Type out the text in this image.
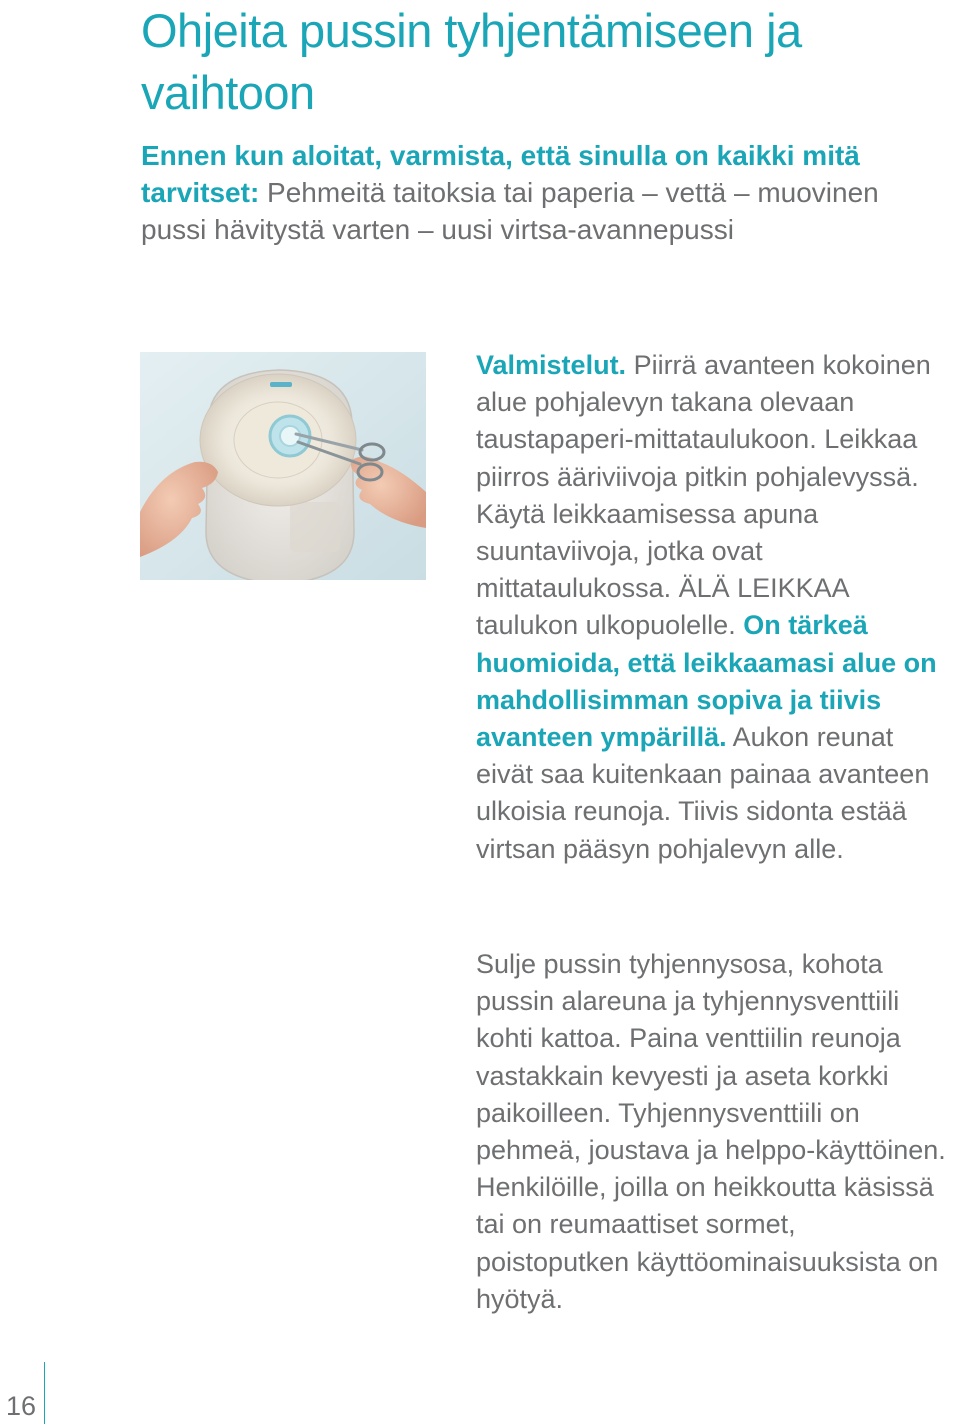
Ohjeita pussin tyhjentämiseen ja vaihtoon

Ennen kun aloitat, varmista, että sinulla on kaikki mitä tarvitset: Pehmeitä taitoksia tai paperia – vettä – muovinen pussi hävitystä varten – uusi virtsa-avannepussi

Valmistelut. Piirrä avanteen kokoinen alue pohjalevyn takana olevaan taustapaperi-mittataulukoon. Leikkaa piirros ääriviivoja pitkin pohjalevyssä. Käytä leikkaamisessa apuna suuntaviivoja, jotka ovat mittataulukossa. ÄLÄ LEIKKAA taulukon ulkopuolelle. On tärkeä huomioida, että leikkaamasi alue on mahdollisimman sopiva ja tiivis avanteen ympärillä. Aukon reunat eivät saa kuitenkaan painaa avanteen ulkoisia reunoja. Tiivis sidonta estää virtsan pääsyn pohjalevyn alle.

Sulje pussin tyhjennysosa, kohota pussin alareuna ja tyhjennysventtiili kohti kattoa. Paina venttiilin reunoja vastakkain kevyesti ja aseta korkki paikoilleen. Tyhjennysventtiili on pehmeä, joustava ja helppo-käyttöinen. Henkilöille, joilla on heikkoutta käsissä tai on reumaattiset sormet, poistoputken käyttöominaisuuksista on hyötyä.

16
